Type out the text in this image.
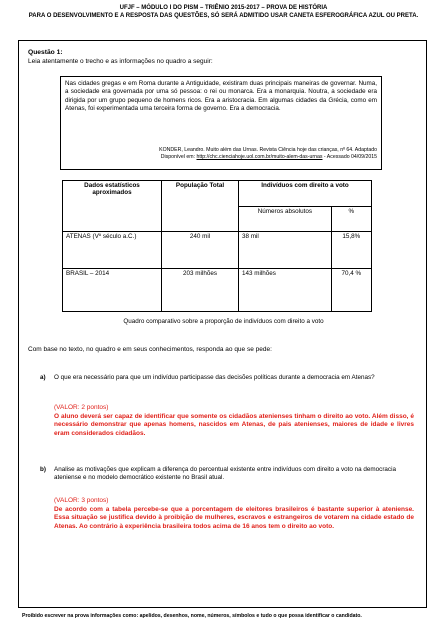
UFJF – MÓDULO I DO PISM – TRIÊNIO 2015-2017 – PROVA DE HISTÓRIA
PARA O DESENVOLVIMENTO E A RESPOSTA DAS QUESTÕES, SÓ SERÁ ADMITIDO USAR CANETA ESFEROGRÁFICA AZUL OU PRETA.
Questão 1:
Leia atentamente o trecho e as informações no quadro a seguir:

Nas cidades gregas e em Roma durante a Antiguidade, existiram duas principais maneiras de governar. Numa, a sociedade era governada por uma só pessoa: o rei ou monarca. Era a monarquia. Noutra, a sociedade era dirigida por um grupo pequeno de homens ricos. Era a aristocracia. Em algumas cidades da Grécia, como em Atenas, foi experimentada uma terceira forma de governo. Era a democracia.

KONDER, Leandro. Muito além das Urnas. Revista Ciência hoje das crianças, nº 64. Adaptado
Disponível em: http://chc.cienciahoje.uol.com.br/muito-alem-das-urnas - Acessado 04/09/2015
Dados estatísticos aproximados	População Total	Indivíduos com direito a voto	
		Números absolutos	%
ATENAS (Vº século a.C.)	240 mil	38 mil	15,8%
BRASIL – 2014	203 milhões	143 milhões	70,4 %
Quadro comparativo sobre a proporção de indivíduos com direito a voto
Com base no texto, no quadro e em seus conhecimentos, responda ao que se pede:
a) O que era necessário para que um indivíduo participasse das decisões políticas durante a democracia em Atenas?
(VALOR: 2 pontos)
O aluno deverá ser capaz de identificar que somente os cidadãos atenienses tinham o direito ao voto. Além disso, é necessário demonstrar que apenas homens, nascidos em Atenas, de pais atenienses, maiores de idade e livres eram considerados cidadãos.
b) Analise as motivações que explicam a diferença do percentual existente entre indivíduos com direito a voto na democracia ateniense e no modelo democrático existente no Brasil atual.
(VALOR: 3 pontos)
De acordo com a tabela percebe-se que a porcentagem de eleitores brasileiros é bastante superior à ateniense. Essa situação se justifica devido à proibição de mulheres, escravos e estrangeiros de votarem na cidade estado de Atenas. Ao contrário à experiência brasileira todos acima de 16 anos tem o direito ao voto.
Proibido escrever na prova informações como: apelidos, desenhos, nome, números, símbolos e tudo o que possa identificar o candidato.
